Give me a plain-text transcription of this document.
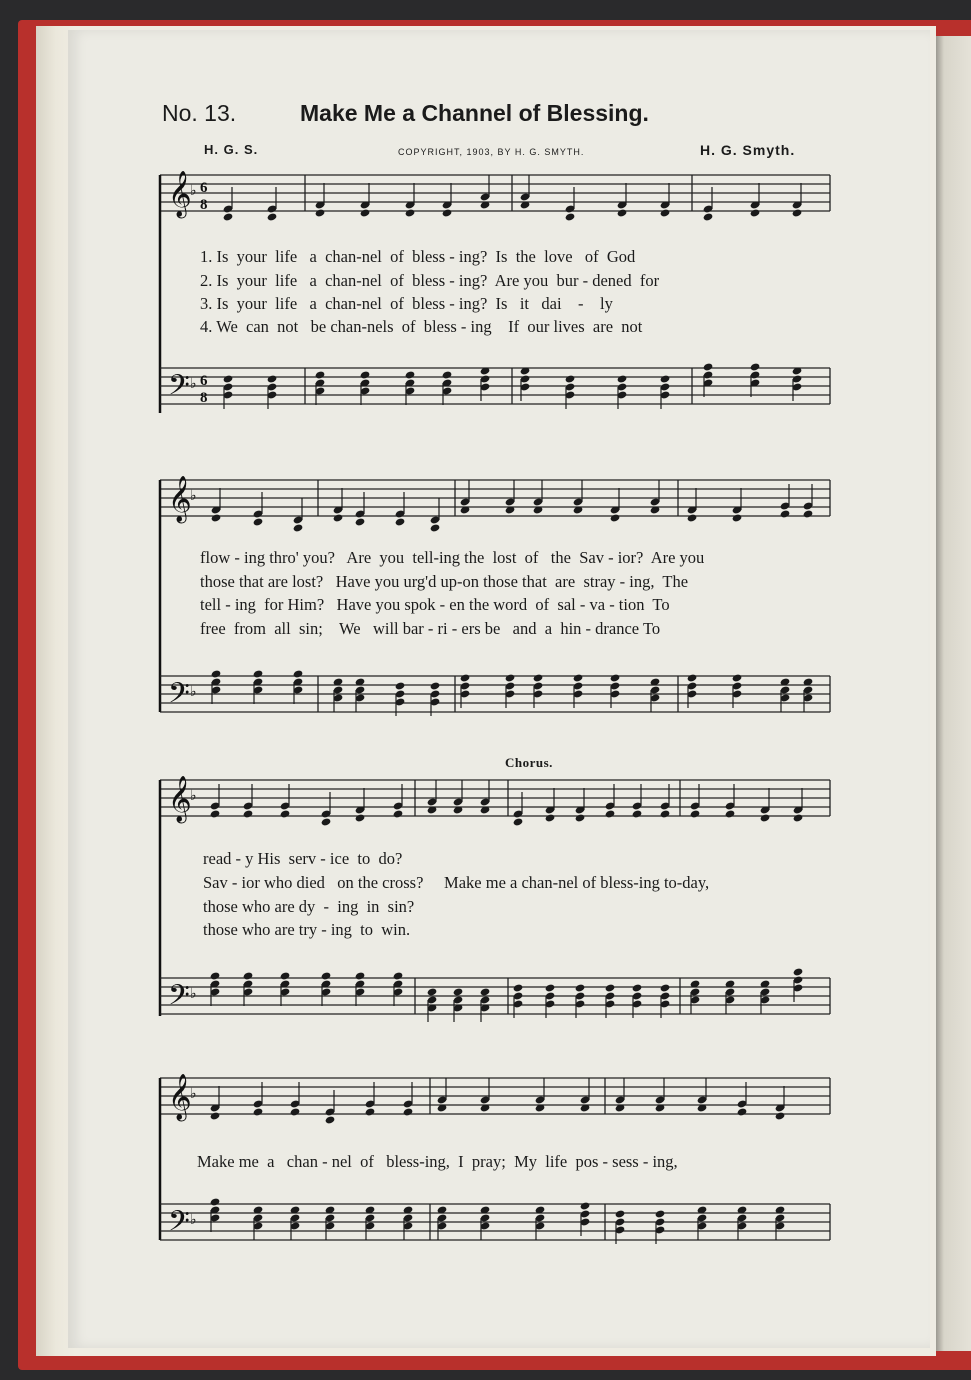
No. 13.	Make Me a Channel of Blessing.
H. G. S.	COPYRIGHT, 1903, BY H. G. SMYTH.	H. G. Smyth.
𝄞
♭ 6
8
𝄢 ♭ 6
8
𝄞
♭
𝄢 ♭
𝄞
♭
𝄢 ♭
𝄞
♭
𝄢 ♭
1. Is  your  life   a  chan-nel  of  bless - ing?  Is  the  love   of  God
2. Is  your  life   a  chan-nel  of  bless - ing?  Are you  bur - dened  for
3. Is  your  life   a  chan-nel  of  bless - ing?  Is   it   dai    -    ly
4. We  can  not   be chan-nels  of  bless - ing    If  our lives  are  not
flow - ing thro' you?   Are  you  tell-ing the  lost  of   the  Sav - ior?  Are you
those that are lost?   Have you urg'd up-on those that  are  stray - ing,  The
tell - ing  for Him?   Have you spok - en the word  of  sal - va - tion  To
free  from  all  sin;    We   will bar - ri - ers be   and  a  hin - drance To
Chorus.
read - y His  serv - ice  to  do?
Sav - ior who died   on the cross?     Make me a chan-nel of bless-ing to-day,
those who are dy  -  ing  in  sin?
those who are try - ing  to  win.
Make me  a   chan - nel  of   bless-ing,  I  pray;  My  life  pos - sess - ing,
